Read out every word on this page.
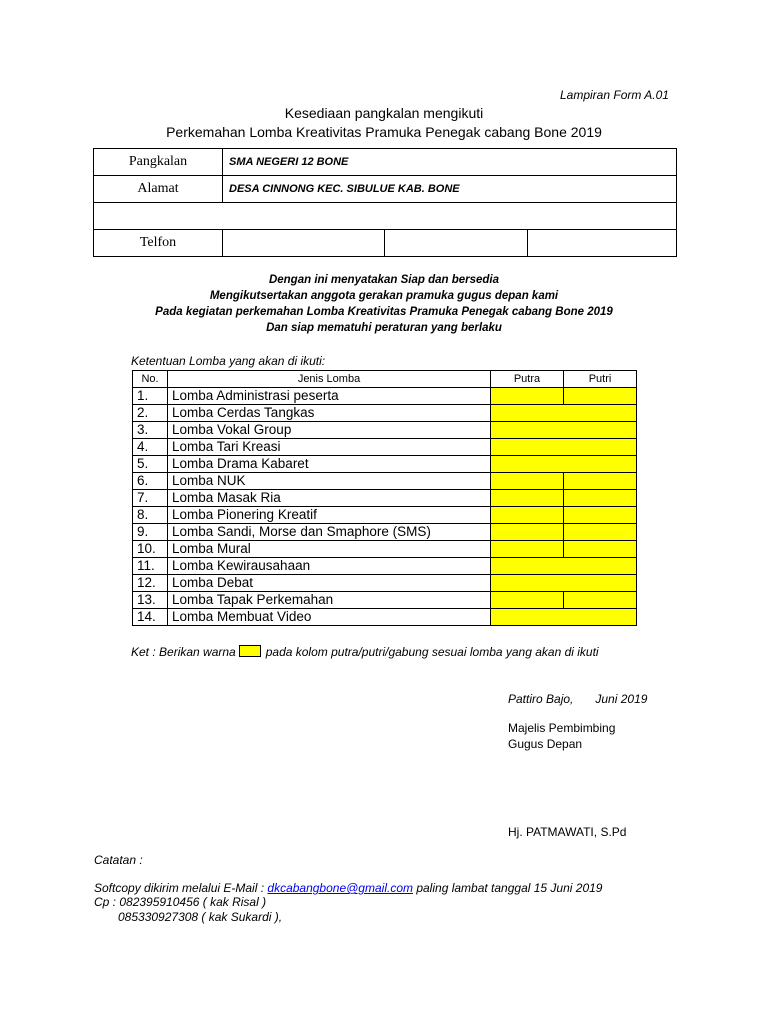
Lampiran Form A.01
Kesediaan pangkalan mengikuti
Perkemahan Lomba Kreativitas Pramuka Penegak cabang Bone 2019
Pangkalan	SMA NEGERI 12 BONE		
Alamat	DESA CINNONG KEC. SIBULUE KAB. BONE		

Telfon			
Dengan ini menyatakan Siap dan bersedia
Mengikutsertakan anggota gerakan pramuka gugus depan kami
Pada kegiatan perkemahan Lomba Kreativitas Pramuka Penegak cabang Bone 2019
Dan siap mematuhi peraturan yang berlaku
Ketentuan Lomba yang akan di ikuti:
No.	Jenis Lomba	Putra	Putri
1.	Lomba Administrasi peserta		
2.	Lomba Cerdas Tangkas		
3.	Lomba Vokal Group		
4.	Lomba Tari Kreasi		
5.	Lomba Drama Kabaret		
6.	Lomba NUK		
7.	Lomba Masak Ria		
8.	Lomba Pionering Kreatif		
9.	Lomba Sandi, Morse dan Smaphore (SMS)		
10.	Lomba Mural		
11.	Lomba Kewirausahaan		
12.	Lomba Debat		
13.	Lomba Tapak Perkemahan		
14.	Lomba Membuat Video		
Ket : Berikan warna	pada kolom putra/putri/gabung sesuai lomba yang akan di ikuti
Pattiro Bajo, Juni 2019
Majelis Pembimbing
Gugus Depan
Hj. PATMAWATI, S.Pd
Catatan :
Softcopy dikirim melalui E-Mail : dkcabangbone@gmail.com paling lambat tanggal 15 Juni 2019
Cp : 082395910456 ( kak Risal )
085330927308 ( kak Sukardi ),
